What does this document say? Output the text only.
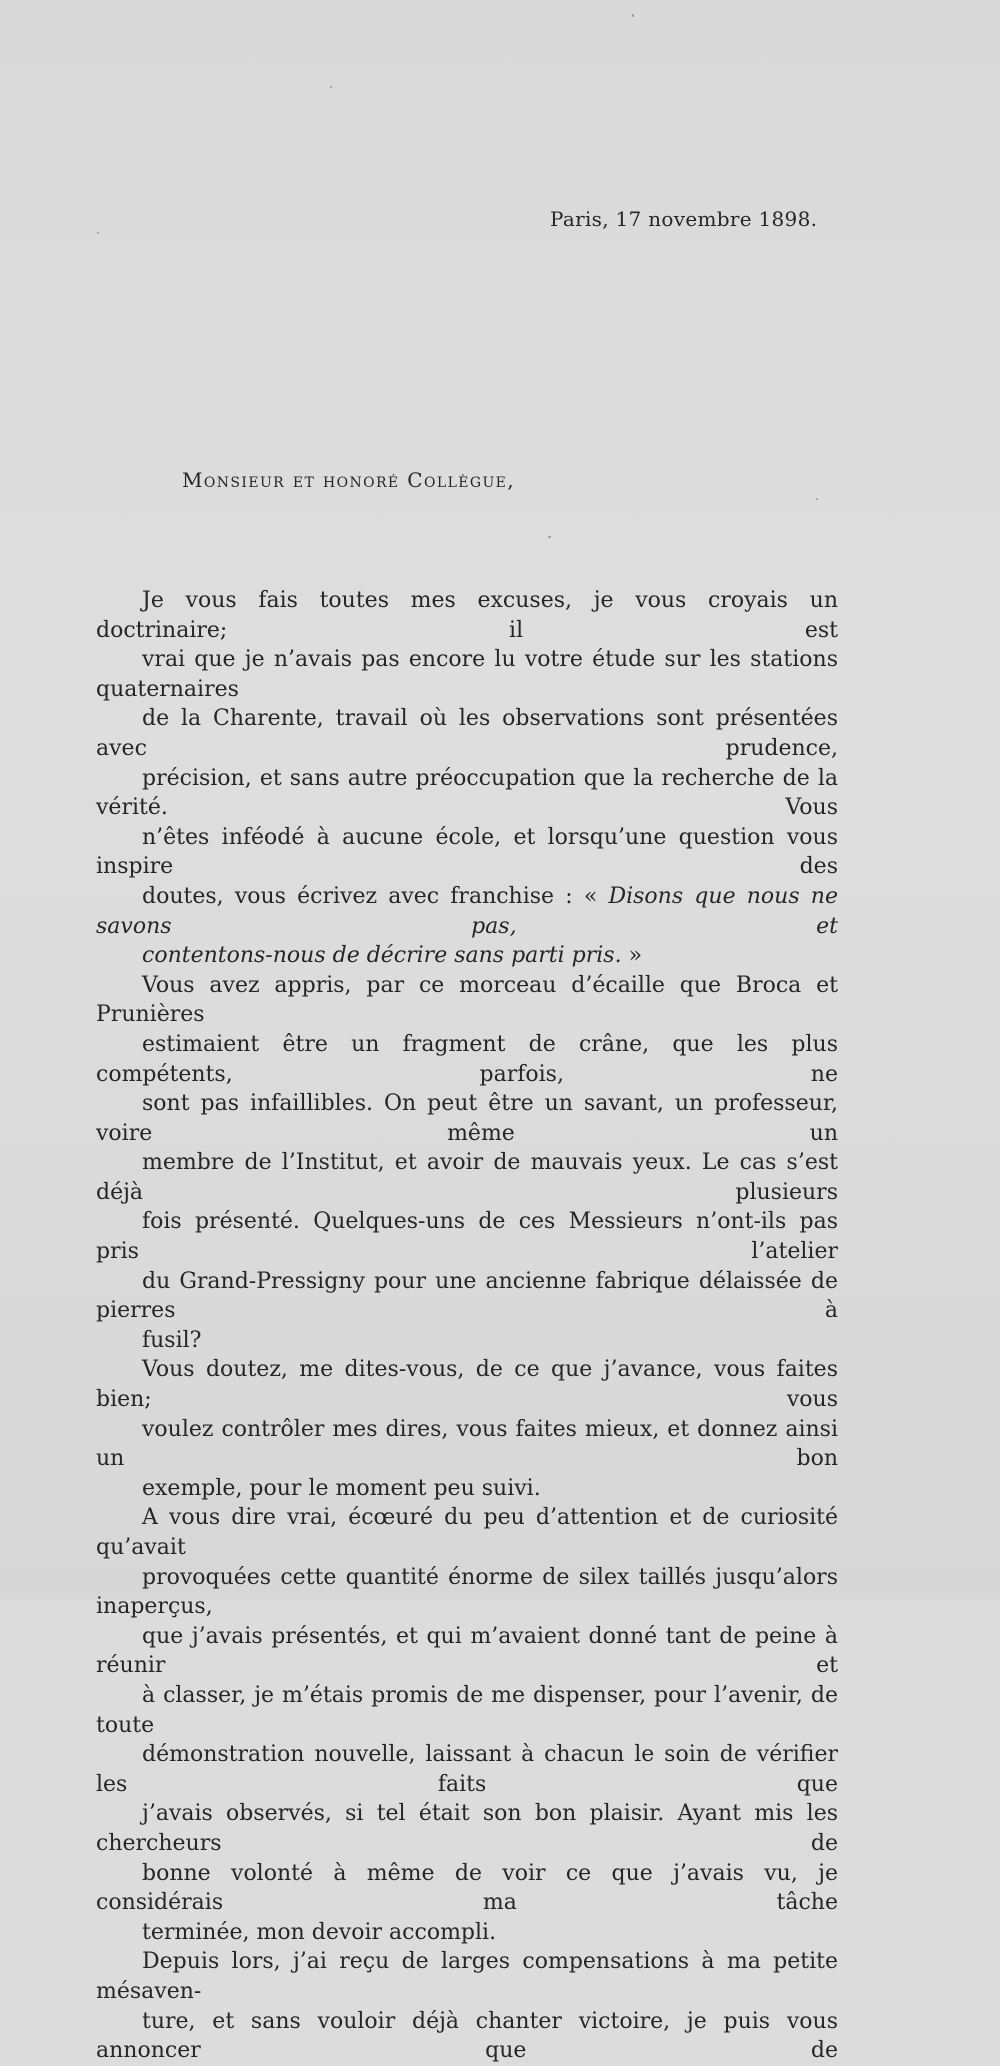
Paris, 17 novembre 1898.
Monsieur et honoré Collègue,

Je vous fais toutes mes excuses, je vous croyais un doctrinaire; il est
vrai que je n’avais pas encore lu votre étude sur les stations quaternaires
de la Charente, travail où les observations sont présentées avec prudence,
précision, et sans autre préoccupation que la recherche de la vérité. Vous
n’êtes inféodé à aucune école, et lorsqu’une question vous inspire des
doutes, vous écrivez avec franchise : « Disons que nous ne savons pas, et
contentons-nous de décrire sans parti pris. »

Vous avez appris, par ce morceau d’écaille que Broca et Prunières
estimaient être un fragment de crâne, que les plus compétents, parfois, ne
sont pas infaillibles. On peut être un savant, un professeur, voire même un
membre de l’Institut, et avoir de mauvais yeux. Le cas s’est déjà plusieurs
fois présenté. Quelques-uns de ces Messieurs n’ont-ils pas pris l’atelier
du Grand-Pressigny pour une ancienne fabrique délaissée de pierres à
fusil?

Vous doutez, me dites-vous, de ce que j’avance, vous faites bien; vous
voulez contrôler mes dires, vous faites mieux, et donnez ainsi un bon
exemple, pour le moment peu suivi.

A vous dire vrai, écœuré du peu d’attention et de curiosité qu’avait
provoquées cette quantité énorme de silex taillés jusqu’alors inaperçus,
que j’avais présentés, et qui m’avaient donné tant de peine à réunir et
à classer, je m’étais promis de me dispenser, pour l’avenir, de toute
démonstration nouvelle, laissant à chacun le soin de vérifier les faits que
j’avais observés, si tel était son bon plaisir. Ayant mis les chercheurs de
bonne volonté à même de voir ce que j’avais vu, je considérais ma tâche
terminée, mon devoir accompli.

Depuis lors, j’ai reçu de larges compensations à ma petite mésaven-
ture, et sans vouloir déjà chanter victoire, je puis vous annoncer que de
